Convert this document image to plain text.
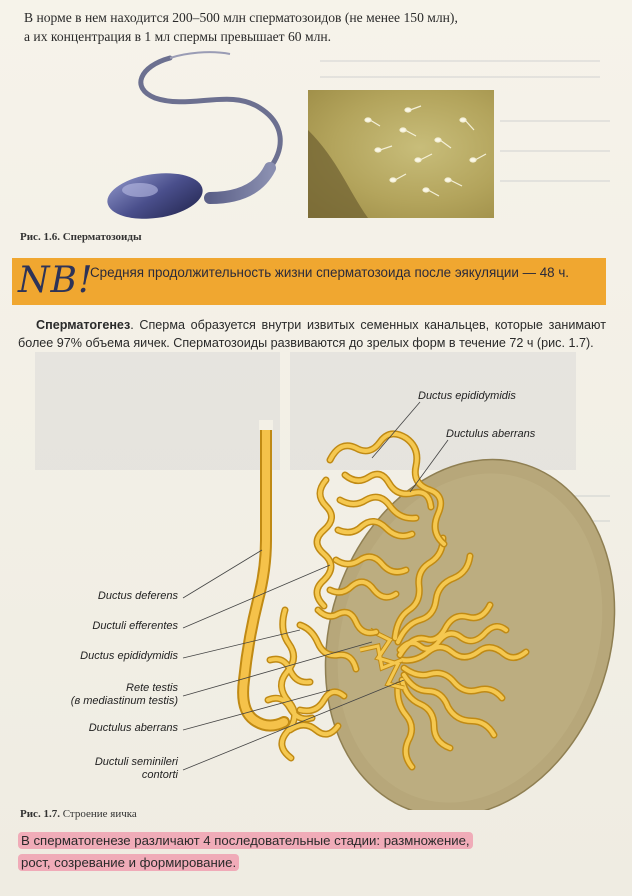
В норме в нем находится 200–500 млн сперматозоидов (не менее 150 млн),
а их концентрация в 1 мл спермы превышает 60 млн.
Рис. 1.6. Сперматозоиды
NB!
Средняя продолжительность жизни сперматозоида после эякуляции — 48 ч.
Сперматогенез. Сперма образуется внутри извитых семенных канальцев, которые занимают более 97% объема яичек. Сперматозоиды развиваются до зрелых форм в течение 72 ч (рис. 1.7).
Ductus epididymidis
Ductulus aberrans
Ductus deferens
Ductuli efferentes
Ductus epididymidis
Rete testis
(в mediastinum testis)
Ductulus aberrans
Ductuli seminileri
contorti
Рис. 1.7. Строение яичка
В сперматогенезе различают 4 последовательные стадии: размножение,
рост, созревание и формирование.
